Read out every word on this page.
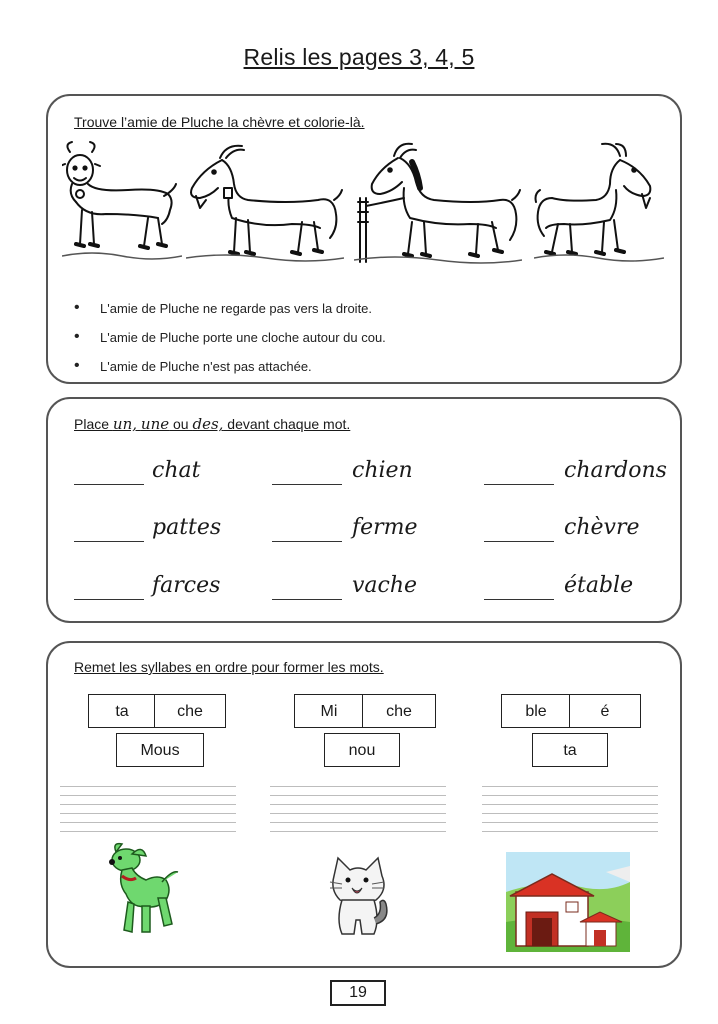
Relis les pages 3, 4, 5
Trouve l’amie de Pluche la chèvre et colorie-là.
• L'amie de Pluche ne regarde pas vers la droite.
• L'amie de Pluche porte une cloche autour du cou.
• L'amie de Pluche n'est pas attachée.
Place un, une ou des, devant chaque mot.
chat	chien	chardons
pattes	ferme	chèvre
farces	vache	étable
Remet les syllabes en ordre pour former les mots.
ta	che
Mous
Mi	che
nou
ble	é
ta
19
